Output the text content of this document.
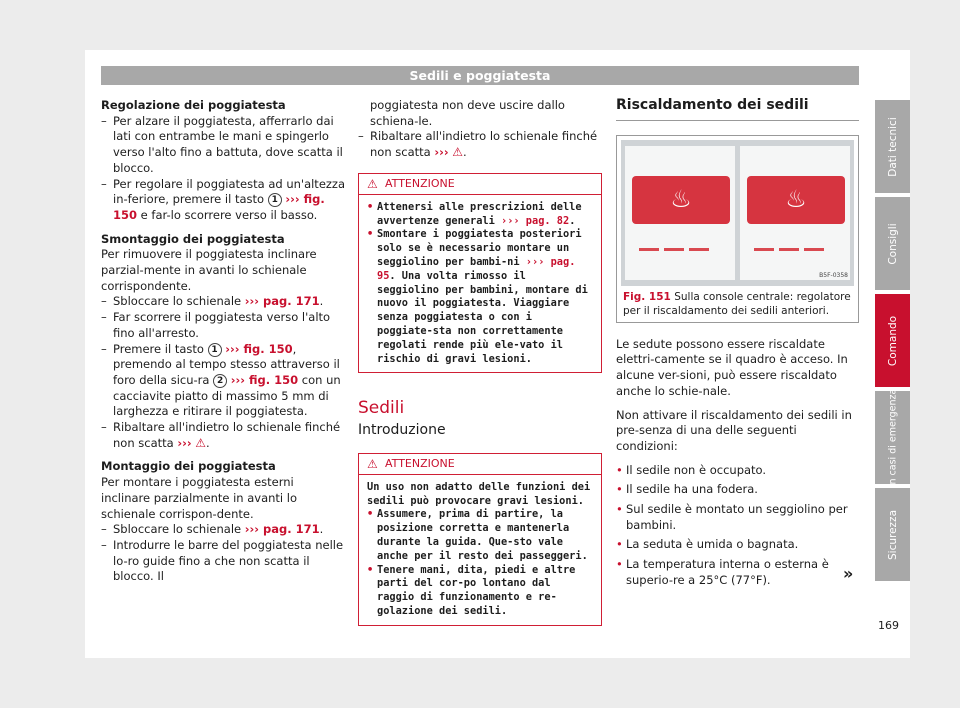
Sedili e poggiatesta

Regolazione dei poggiatesta

– Per alzare il poggiatesta, afferrarlo dai lati con entrambe le mani e spingerlo verso l'alto fino a battuta, dove scatta il blocco.

– Per regolare il poggiatesta ad un'altezza in-feriore, premere il tasto 1 ››› fig. 150 e far-lo scorrere verso il basso.

Smontaggio dei poggiatesta

Per rimuovere il poggiatesta inclinare parzial-mente in avanti lo schienale corrispondente.

– Sbloccare lo schienale ››› pag. 171.

– Far scorrere il poggiatesta verso l'alto fino all'arresto.

– Premere il tasto 1 ››› fig. 150, premendo al tempo stesso attraverso il foro della sicu-ra 2 ››› fig. 150 con un cacciavite piatto di massimo 5 mm di larghezza e ritirare il poggiatesta.

– Ribaltare all'indietro lo schienale finché non scatta ››› ⚠.

Montaggio dei poggiatesta

Per montare i poggiatesta esterni inclinare parzialmente in avanti lo schienale corrispon-dente.

– Sbloccare lo schienale ››› pag. 171.

– Introdurre le barre del poggiatesta nelle lo-ro guide fino a che non scatta il blocco. Il

poggiatesta non deve uscire dallo schiena-le.

– Ribaltare all'indietro lo schienale finché non scatta ››› ⚠.

⚠ ATTENZIONE

• Attenersi alle prescrizioni delle avvertenze generali ››› pag. 82.

• Smontare i poggiatesta posteriori solo se è necessario montare un seggiolino per bambi-ni ››› pag. 95. Una volta rimosso il seggiolino per bambini, montare di nuovo il poggiatesta. Viaggiare senza poggiatesta o con i poggiate-sta non correttamente regolati rende più ele-vato il rischio di gravi lesioni.

Sedili
Introduzione
⚠ ATTENZIONE

Un uso non adatto delle funzioni dei sedili può provocare gravi lesioni.

• Assumere, prima di partire, la posizione corretta e mantenerla durante la guida. Que-sto vale anche per il resto dei passeggeri.

• Tenere mani, dita, piedi e altre parti del cor-po lontano dal raggio di funzionamento e re-golazione dei sedili.

Riscaldamento dei sedili
♨	♨
B5F-0358
Fig. 151 Sulla console centrale: regolatore per il riscaldamento dei sedili anteriori.

Le sedute possono essere riscaldate elettri-camente se il quadro è acceso. In alcune ver-sioni, può essere riscaldato anche lo schie-nale.

Non attivare il riscaldamento dei sedili in pre-senza di una delle seguenti condizioni:

• Il sedile non è occupato.

• Il sedile ha una fodera.

• Sul sedile è montato un seggiolino per bambini.

• La seduta è umida o bagnata.

• La temperatura interna o esterna è superio-re a 25°C (77°F).	»
Dati tecnici
Consigli
Comando
In casi di emergenza
Sicurezza
169
